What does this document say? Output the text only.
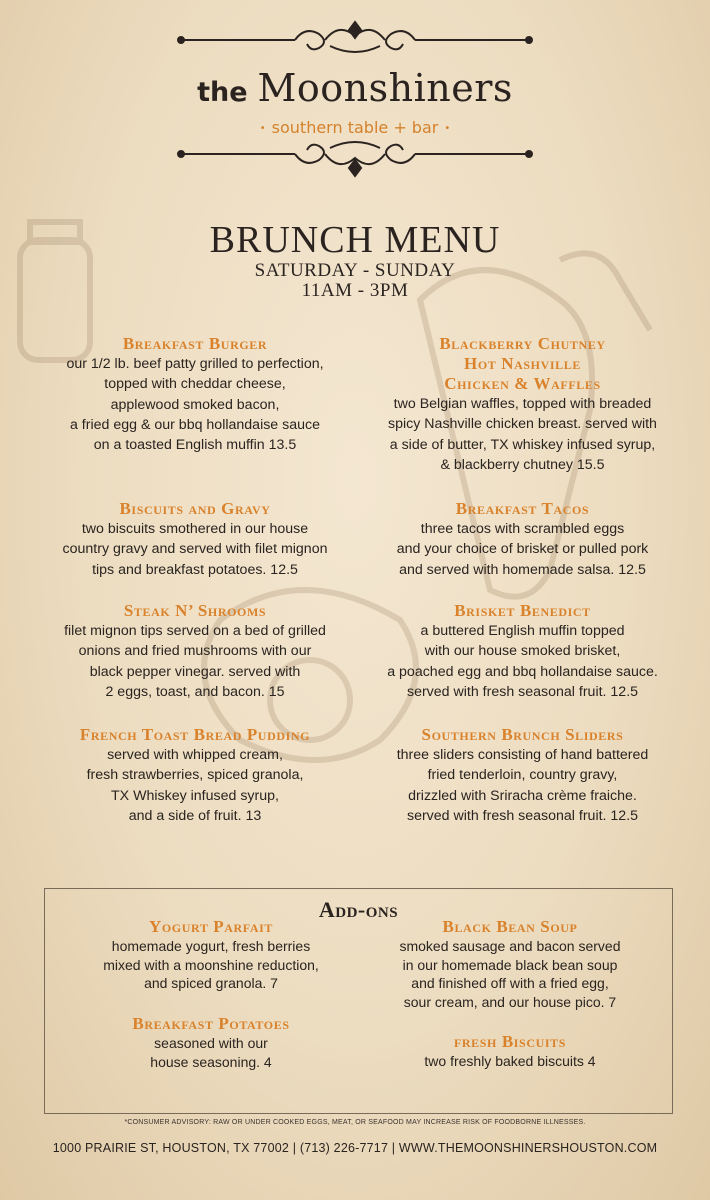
the Moonshiners
• southern table + bar •
BRUNCH MENU
SATURDAY - SUNDAY
11AM - 3PM
Breakfast Burger
our 1/2 lb. beef patty grilled to perfection,
topped with cheddar cheese,
applewood smoked bacon,
a fried egg & our bbq hollandaise sauce
on a toasted English muffin 13.5
Biscuits and Gravy
two biscuits smothered in our house
country gravy and served with filet mignon
tips and breakfast potatoes. 12.5
Steak N’ Shrooms
filet mignon tips served on a bed of grilled
onions and fried mushrooms with our
black pepper vinegar. served with
2 eggs, toast, and bacon. 15
French Toast Bread Pudding
served with whipped cream,
fresh strawberries, spiced granola,
TX Whiskey infused syrup,
and a side of fruit. 13
Blackberry Chutney
Hot Nashville
Chicken & Waffles
two Belgian waffles, topped with breaded
spicy Nashville chicken breast. served with
a side of butter, TX whiskey infused syrup,
& blackberry chutney 15.5
Breakfast Tacos
three tacos with scrambled eggs
and your choice of brisket or pulled pork
and served with homemade salsa. 12.5
Brisket Benedict
a buttered English muffin topped
with our house smoked brisket,
a poached egg and bbq hollandaise sauce.
served with fresh seasonal fruit. 12.5
Southern Brunch Sliders
three sliders consisting of hand battered
fried tenderloin, country gravy,
drizzled with Sriracha crème fraiche.
served with fresh seasonal fruit. 12.5
Add-ons
Yogurt Parfait
homemade yogurt, fresh berries
mixed with a moonshine reduction,
and spiced granola. 7
Breakfast Potatoes
seasoned with our
house seasoning. 4
Black Bean Soup
smoked sausage and bacon served
in our homemade black bean soup
and finished off with a fried egg,
sour cream, and our house pico. 7
fresh Biscuits
two freshly baked biscuits 4
*CONSUMER ADVISORY: RAW OR UNDER COOKED EGGS, MEAT, OR SEAFOOD MAY INCREASE RISK OF FOODBORNE ILLNESSES.
1000 PRAIRIE ST, HOUSTON, TX 77002 | (713) 226-7717 | WWW.THEMOONSHINERSHOUSTON.COM
